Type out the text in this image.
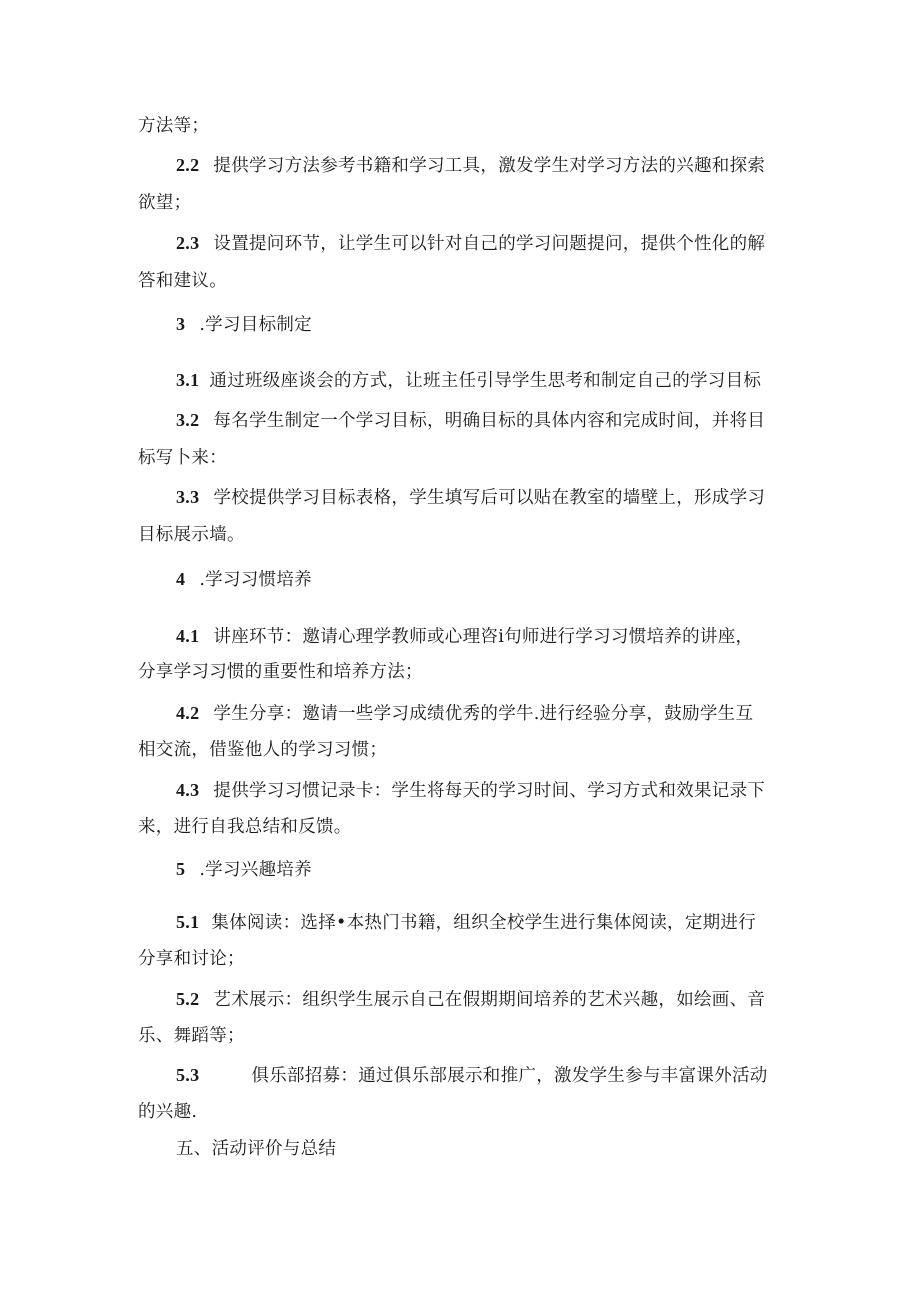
方法等；
2.2 提供学习方法参考书籍和学习工具，激发学生对学习方法的兴趣和探索
欲望；
2.3 设置提问环节，让学生可以针对自己的学习问题提问，提供个性化的解
答和建议。
3 .学习目标制定
3.1 通过班级座谈会的方式，让班主任引导学生思考和制定自己的学习目标
3.2 每名学生制定一个学习目标，明确目标的具体内容和完成时间，并将目
标写卜来：
3.3 学校提供学习目标表格，学生填写后可以贴在教室的墙壁上，形成学习
目标展示墙。
4 .学习习惯培养
4.1 讲座环节：邀请心理学教师或心理咨i句师进行学习习惯培养的讲座，
分享学习习惯的重要性和培养方法；
4.2 学生分享：邀请一些学习成绩优秀的学牛.进行经验分享，鼓励学生互
相交流，借鉴他人的学习习惯；
4.3 提供学习习惯记录卡：学生将每天的学习时间、学习方式和效果记录下
来，进行自我总结和反馈。
5 .学习兴趣培养
5.1 集体阅读：选择•本热门书籍，组织全校学生进行集体阅读，定期进行
分享和讨论；
5.2 艺术展示：组织学生展示自己在假期期间培养的艺术兴趣，如绘画、音
乐、舞蹈等；
5.3	俱乐部招募：通过俱乐部展示和推广，激发学生参与丰富课外活动
的兴趣.
五、活动评价与总结
